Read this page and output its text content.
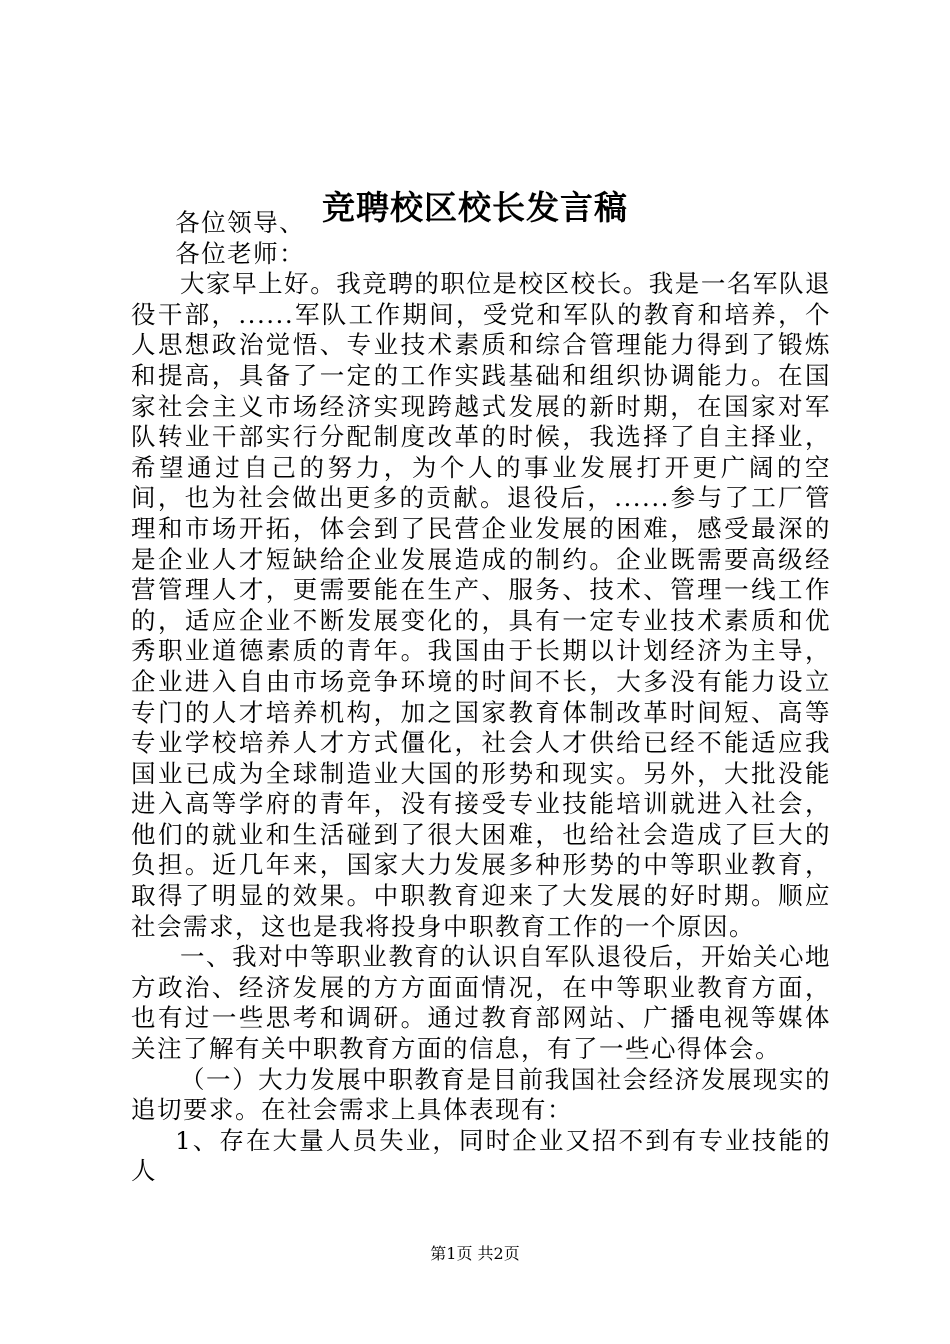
竞聘校区校长发言稿

各位领导、

各位老师：

大家早上好。我竞聘的职位是校区校长。我是一名军队退役干部，......军队工作期间，受党和军队的教育和培养，个人思想政治觉悟、专业技术素质和综合管理能力得到了锻炼和提高，具备了一定的工作实践基础和组织协调能力。在国家社会主义市场经济实现跨越式发展的新时期，在国家对军队转业干部实行分配制度改革的时候，我选择了自主择业，希望通过自己的努力，为个人的事业发展打开更广阔的空间，也为社会做出更多的贡献。退役后，......参与了工厂管理和市场开拓，体会到了民营企业发展的困难，感受最深的是企业人才短缺给企业发展造成的制约。企业既需要高级经营管理人才，更需要能在生产、服务、技术、管理一线工作的，适应企业不断发展变化的，具有一定专业技术素质和优秀职业道德素质的青年。我国由于长期以计划经济为主导，企业进入自由市场竞争环境的时间不长，大多没有能力设立专门的人才培养机构，加之国家教育体制改革时间短、高等专业学校培养人才方式僵化，社会人才供给已经不能适应我国业已成为全球制造业大国的形势和现实。另外，大批没能进入高等学府的青年，没有接受专业技能培训就进入社会，他们的就业和生活碰到了很大困难，也给社会造成了巨大的负担。近几年来，国家大力发展多种形势的中等职业教育，取得了明显的效果。中职教育迎来了大发展的好时期。顺应社会需求，这也是我将投身中职教育工作的一个原因。

一、我对中等职业教育的认识自军队退役后，开始关心地方政治、经济发展的方方面面情况，在中等职业教育方面，也有过一些思考和调研。通过教育部网站、广播电视等媒体关注了解有关中职教育方面的信息，有了一些心得体会。

（一）大力发展中职教育是目前我国社会经济发展现实的追切要求。在社会需求上具体表现有：

1、存在大量人员失业，同时企业又招不到有专业技能的人

第1页 共2页
